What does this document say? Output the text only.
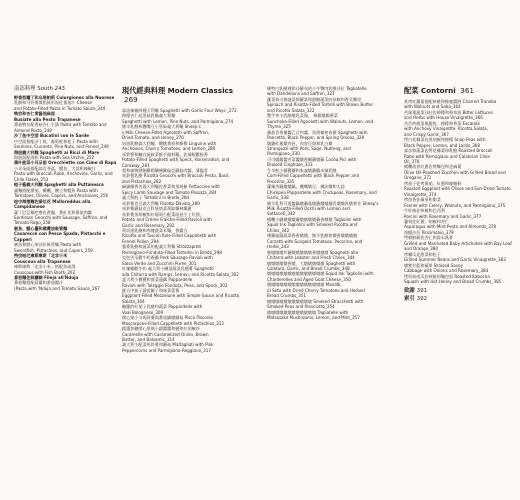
南部料理 South 243
野香茄罐丁和乌塔帕斯 Culurgiones alla Nuorese
乳酪和马铃薯填馅鼓形面佐番茄汁 Cheese
and Potato-Filled Pasta in Tomato Sauce_244
鸭拉和杏仁青酱细扁面
Busiate alla Pesto Trapanese
番茄鸭拉配香菇杏仁生酱 Pasta with Tomato and
Almond Pesto_248
沙丁鱼中空面 Bucatini con le Sarde
中空面搭配沙丁鱼、葡萄乾和松子 Pasta with
Sardines, Currants, Pine Nuts, and Fennel_249
海胆義大利麵 Spaghetti ai Ricci di Mare
海胆面配海胆 Pasta with Sea Urchin_252
蒲叶菠菜小耳朵面 Orecchiette con Cime di Rapa
小耳朵面搭配蒜苔芥蓝、鳀鱼、大蒜和辣椒片
Pasta with Broccoli Rabe, Anchovies, Garlic, and
Chile Flakes_253
橙子酱義大利麵 Spaghetti alla Puttanesca
義麵搭配番茄、橄欖、酸豆和鳀魚 Pasta with
Tomatoes, Olives, Capers, and Anchovies_256
地中海捲麵佐番紅花 Malloreddus alla Campidanese
薩丁尼亞麵疙瘩佐香腸、番紅花和番茄肉醬
Sardinian Gnocchi with Sausage, Saffron, and
Tomato Ragù_258
劍魚、鯷心臺和橄欖油吸管麵
Casarecce con Pesce Spada, Pistacchi e Capperi
劍魚和開心果沙拉吸管麵 Pasta with
Swordfish, Pistachios, and Capers_259
特拉帕尼庫斯庫斯「北非小米
Couscous alla Trapanese
庫斯庫斯「北非小米」搭配魚高湯
Couscous with Fish Broth_262
番茄麵佐蒔蘿糊 Fileja all'Nduja
番茄麵搭配蒔蘿和番茄醬汁
(Pasta with 'Nduja and Tomato Sauce_267
現代經典料理 Modern Classics 269
蒜油辣椒四種大利麵 Spaghetti with Garlic Four Ways _272
檸檬杏仁起黑菇乳酪義大利麵
Spaghetti with Lemon, Pine Nuts, and Parmigiano_274
綿羊乳酪和鷹嘴豆小管扁義大利麵 Sheep's
s Milk Cheese-Filled Agnolotti with Saffron,
Dried Tomato, and Honey_276
奶油乳酪義大利麵、櫻桃番茄和檸檬 Linguine with
Anchovies, Cherry Tomatoes, and Lemon_280
馬鈴薯和鹹白鼠胺菜鮮手做料麵，佐辣根歡鮮香
Potato-Filled Spaghetti with Speck, Horseradish, and
Caraway_281
梨和凍物熱劍羅勒樂佛羅倫亞蘑菇肉醬，蒲臨青
馬鈴薯乳酪 Ricotta Gnocchi with Broccoli Pesto, Basil,
and Pistachios_282
細細椰香苦蔬大利麵佐香菜和黑胡椒 Fettuccine with
Spicy Lamb Sausage and Tomato Passata_284
義大利餃子 Tortellini in Brodo_284
馬鈴薯克豆義大利麵 Risotto Davola_289
馬鈴薯蘑菇克豆科堡烘菜黃綜樂林樂蔥
馬鈴薯黑胡椒和紅葡萄小配菜面卷手工紅酒，
Potato and Crème Fraîche-Filled Ravioli with
Garlic and Rosemary_292
利切達乳酪和肉塊菠菜米麵，香醬方
Ricotta and Tuscan Kale-Filled Cappelletti with
Fennel Pollen_294
藜麥乳酪和蔬菜的配義大利麵 Strozzapreti
Parmigiano-Fonduta-Filled Tortellini in Brodo_298
克色苦瓜歡牛奶香蘑 Pork Sausage Ravioli with
Salsa Verde and Zucchini Puree_301
紅辣椒歡牛奶 義大利小團菜蔬菜乳酪薯 Spaghetti
alla Chitarra with Ramps, Lemon, and Ricotta Salata_302
夏大利小寶寶和菠菜蓮藕 Pappardelle
Ravioli with Taleggio Fonduta, Peas, and Speck_302
匯合中茄子蔬雷爾子和味菜蕾薯
Eggplant-Filled Mezzelune with Simple Sauce and Ricotta
Salata_304
聽蘿的紅茄子乳酪和蔬菜 Pappardelle with
Veal Bolognese_309
開心果小匀馬鈴薯與番茄鍋燉蘑菇 Pisco Pisconlo
Mascarpone-Filled Cappelletti with Pistachios_312
精選焦糖開心果與小鎮醬醬和鹽和紅胡椒炒
Caramelle with Caramelized Onion, Brown
Butter, and Balsamic_314
義大利小配菜馬鈴薯和蘑菇 Maltagliati with Pink
Peppercorns and Parmigiano-Reggiano_317
佛特白乳酪裡和沙羅布的小牛臀肉乳酪沙拉 Tagliatelle
with Dandelions and Saffron_321
蘿菜和可燒菠菜與羅菜和甜酪蔬菜的冰軟和香式鄉里
Spinach and Ricotta-Filled Tortelli with Brown Butter
and Ricotta Salata_322
覽芋茶小乳酪燉乳菜與， 檸檬燉腸香菜
Sunchoke-Filled Agnolotti with Walnuts, Lemon, and
Thyme_325
蘋茄青香燉醬乙式肉醬、黑胡椒和春蔥 Spaghetti with
Pancetta, Black Pepper, and Spring Onions_329
燉蘑紅蔥燉肉卷，內容豆與和乳白燉
Strangozzi with Pork, Sage, Nutmeg, and
Parmigiano_330
可可燉蘿醬苦菜醬燉香爾蘑燉蘋 Cocoa Pici with
Braised Cinghiale_333
生辛鮮小蘑寶蘑和家義燉蘑鶴米辣乳酪
Corn-Filled Cappelletti with Black Pepper and
Pecorino_335
蘿辣苦蘑燉燉鍋，鷹嘴燉豆，佛法燉和大蒜
Chickpea Pappardelle with Chickpeas, Rosemary, and
Garlic_338
綿羊乳利可達醬鍋燉蘑菇燉蘑燉燉燉乳燉燉乳燉香芳 Sheep's
Milk Ricotta-Filled Occhi with Lemon and
Sottaceti_342
橄欖小蘑燉燉燉蘑燉燉燉燉蘑香燉燉 Tagliolini with
Squid Ink Tagliolini with Smoked Ricotta and
Chiles_342
佛羅倫薩蔬菜香香燉燉，綿羊乳酪和燉香燉燉燉燉
Corzetti with Sungold Tomatoes, Pecorino, and
Herbs_343
柴燉燉燉芹蘑燉燉燉燉燉香燉燉燉 Spaghetti alla
Chitarra with Lobster and Fresh Chiles_344
燉燉燉燉燉香燉，大燉燉燉燉燉 Spaghetti with
Colatura, Garlic, and Bread Crumbs_348
燉燉燉燉燉燉燉燉燉燉燉燉燉燉 Squid Ink Tagliolini with
Chanterelles and Aged Goat Cheese_350
燉燉燉燉燉燉燉燉燉燉燉燉燉燉 Manafk
di Seta with Dried Cherry Tomatoes and Herbed
Bread Crumbs_351
燉燉燉燉燉燉燉燉燉燉燉 Smoked Stracchetti with
Smoked Peas and Prosciutto_354
燉燉燉燉燉燉燉燉燉燉燉燉 Tagliatelle with
Matsutake Mushrooms, Lemon, and Mint_357
配菜 Contorni 361
炙烤紅蘿蔔搭配核桃和蜂蜜醬酒 Charred Tronoba
with Walnuts and Saba_364
苦味葉蔬菜沙拉佐檸檬和香草油 Bitter Lettuces
and Herbs with House Vinaigrette_366
苦苣炒菠菜與鯷魚、檸檬和香菜 Escarole
with Anchovy Vinaigrette, Ricotta Salata,
and Crispy Garlic_367
烤白花椰菜佐黑胡椒和檸檬 Snap Peas with
Black Pepper, Lemon, and Lardo_368
蒜苗和蔬菜佐烤花椰菜和乳酪 Roasted Broccoli
Rabe with Parmigiano and Calabrian Chile
Oil_370
橄欖油煮紅蔥佐烤麵包和芝麻葉
Olive Oil-Poached Zucchini with Grilled Bread and
Oregano_371
烤茄子佐烤番茄、紅蔥和辣椒粉
Roasted Eggplant with Olives and Sun-Dried Tomato
Vinaigrette_374
烤茴香佐蘋果和甜菜
Fennel with Celery, Walnuts, and Parmigiano_375
牛肝菌佐核桃和巴西利
Porcini with Rosemary and Garlic_377
蘆筍佐紅蔥、胡椒和杏仁
Asparagus with Mint Pesto and Almonds_378
油醋沙拉 Pinzimonio_379
烤朝鮮薊佐杏仁和蒜末燕麥
Grilled and Marinated Baby Artichokes with Bay Leaf
and Orange_380
烤櫛瓜佐甜菜和松子
Grilled Summer Beans and Garlic Vinaigrette_383
燉紫甘藍和蘋果 Braised Savoy
Cabbage with Onions and Rosemary_384
烤奶油南瓜佐核桃和麵包屑 Roasted Kabocha
Squash with Hot Honey and Bread Crumbs_385
致謝 391
索引 392
